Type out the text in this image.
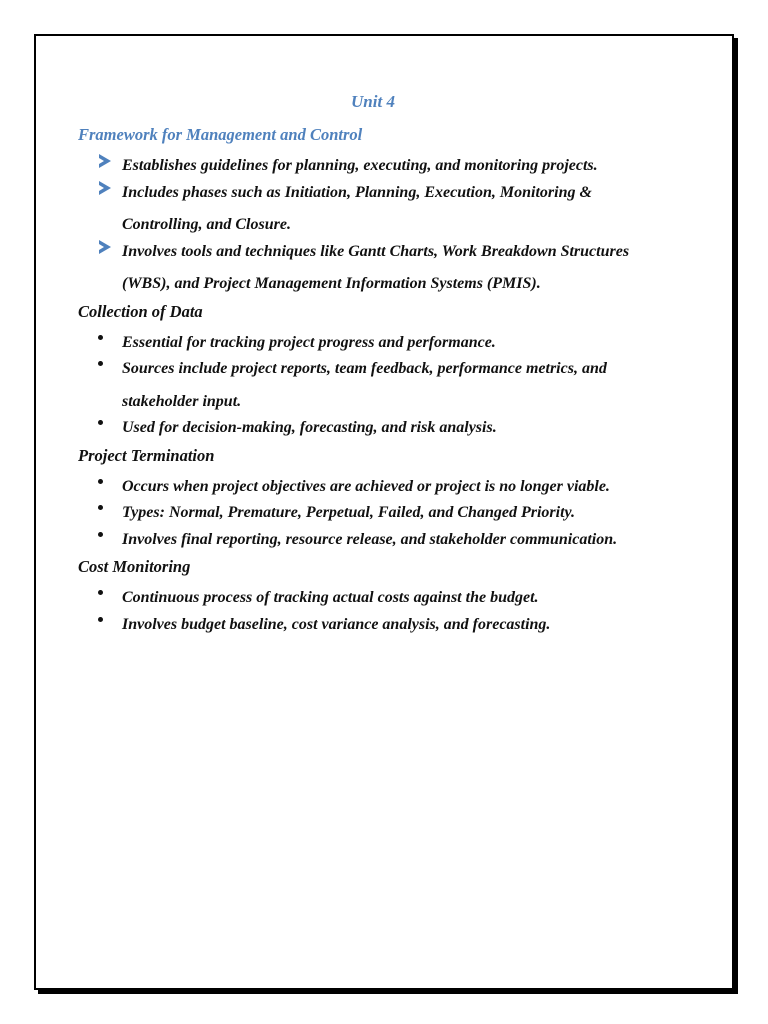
Unit 4
Framework for Management and Control
Establishes guidelines for planning, executing, and monitoring projects.
Includes phases such as Initiation, Planning, Execution, Monitoring & Controlling, and Closure.
Involves tools and techniques like Gantt Charts, Work Breakdown Structures (WBS), and Project Management Information Systems (PMIS).
Collection of Data
Essential for tracking project progress and performance.
Sources include project reports, team feedback, performance metrics, and stakeholder input.
Used for decision-making, forecasting, and risk analysis.
Project Termination
Occurs when project objectives are achieved or project is no longer viable.
Types: Normal, Premature, Perpetual, Failed, and Changed Priority.
Involves final reporting, resource release, and stakeholder communication.
Cost Monitoring
Continuous process of tracking actual costs against the budget.
Involves budget baseline, cost variance analysis, and forecasting.
